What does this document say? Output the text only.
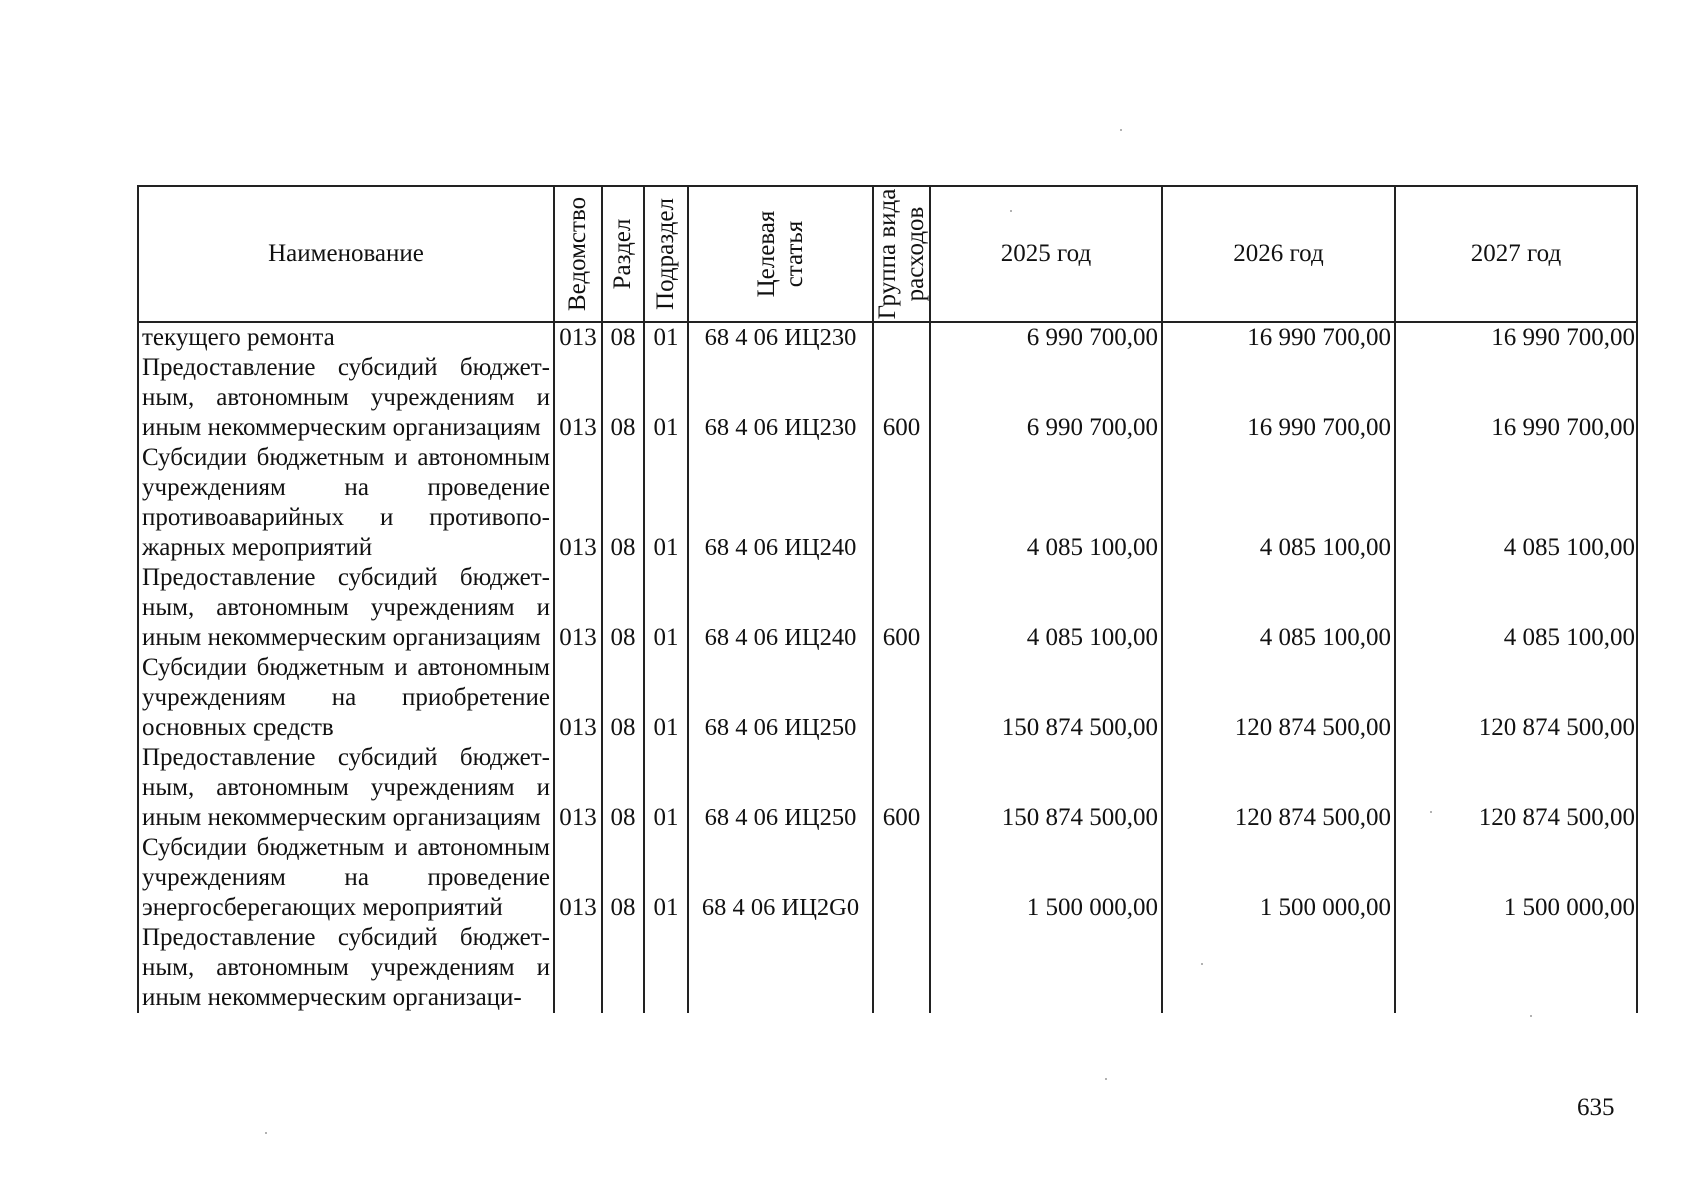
Наименование	Ведомство	Раздел	Подраздел	Целевая статья	Группа вида расходов	2025 год	2026 год	2027 год
текущего ремонта	013	08	01	68 4 06 ИЦ230		6 990 700,00	16 990 700,00	16 990 700,00
Предоставление субсидий бюджетным, автономным учреждениям и иным некоммерческим организациям	013	08	01	68 4 06 ИЦ230	600	6 990 700,00	16 990 700,00	16 990 700,00
Субсидии бюджетным и автономным учреждениям на проведение противоаварийных и противопожарных мероприятий	013	08	01	68 4 06 ИЦ240		4 085 100,00	4 085 100,00	4 085 100,00
Предоставление субсидий бюджетным, автономным учреждениям и иным некоммерческим организациям	013	08	01	68 4 06 ИЦ240	600	4 085 100,00	4 085 100,00	4 085 100,00
Субсидии бюджетным и автономным учреждениям на приобретение основных средств	013	08	01	68 4 06 ИЦ250		150 874 500,00	120 874 500,00	120 874 500,00
Предоставление субсидий бюджетным, автономным учреждениям и иным некоммерческим организациям	013	08	01	68 4 06 ИЦ250	600	150 874 500,00	120 874 500,00	120 874 500,00
Субсидии бюджетным и автономным учреждениям на проведение энергосберегающих мероприятий	013	08	01	68 4 06 ИЦ2G0		1 500 000,00	1 500 000,00	1 500 000,00
Предоставление субсидий бюджетным, автономным учреждениям и иным некоммерческим организаци-								
635
